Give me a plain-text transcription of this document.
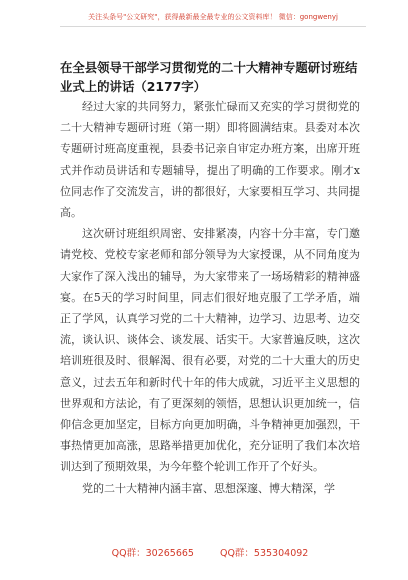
关注头条号"公文研究"，获得最新最全最专业的公文资料库！ 微信：gongwenyj
在全县领导干部学习贯彻党的二十大精神专题研讨班结业式上的讲话（2177字）

经过大家的共同努力，紧张忙碌而又充实的学习贯彻党的二十大精神专题研讨班（第一期）即将圆满结束。县委对本次专题研讨班高度重视，县委书记亲自审定办班方案，出席开班式并作动员讲话和专题辅导，提出了明确的工作要求。刚才x位同志作了交流发言，讲的都很好，大家要相互学习、共同提高。

这次研讨班组织周密、安排紧凑，内容十分丰富，专门邀请党校、党校专家老师和部分领导为大家授课，从不同角度为大家作了深入浅出的辅导，为大家带来了一场场精彩的精神盛宴。在5天的学习时间里，同志们很好地克服了工学矛盾，端正了学风，认真学习党的二十大精神，边学习、边思考、边交流，谈认识、谈体会、谈发展、话实干。大家普遍反映，这次培训班很及时、很解渴、很有必要，对党的二十大重大的历史意义，过去五年和新时代十年的伟大成就，习近平主义思想的世界观和方法论，有了更深刻的领悟，思想认识更加统一，信仰信念更加坚定，目标方向更加明确，斗争精神更加强烈，干事热情更加高涨，思路举措更加优化，充分证明了我们本次培训达到了预期效果，为今年整个轮训工作开了个好头。

党的二十大精神内涵丰富、思想深邃、博大精深，学

QQ群：30265665	QQ群：535304092
